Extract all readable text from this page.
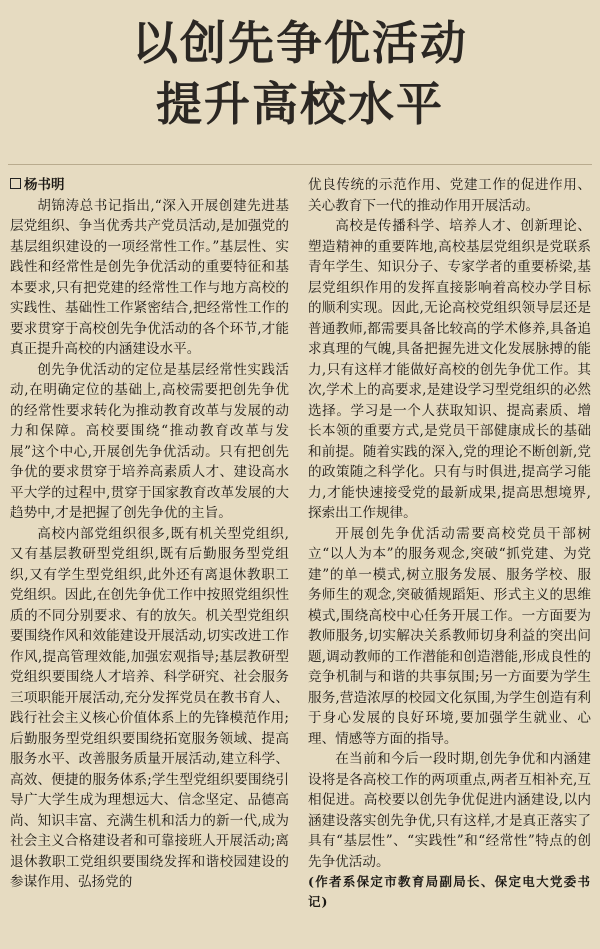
以创先争优活动
提升高校水平

杨书明

胡锦涛总书记指出,“深入开展创建先进基层党组织、争当优秀共产党员活动,是加强党的基层组织建设的一项经常性工作。”基层性、实践性和经常性是创先争优活动的重要特征和基本要求,只有把党建的经常性工作与地方高校的实践性、基础性工作紧密结合,把经常性工作的要求贯穿于高校创先争优活动的各个环节,才能真正提升高校的内涵建设水平。

创先争优活动的定位是基层经常性实践活动,在明确定位的基础上,高校需要把创先争优的经常性要求转化为推动教育改革与发展的动力和保障。高校要围绕“推动教育改革与发展”这个中心,开展创先争优活动。只有把创先争优的要求贯穿于培养高素质人才、建设高水平大学的过程中,贯穿于国家教育改革发展的大趋势中,才是把握了创先争优的主旨。

高校内部党组织很多,既有机关型党组织,又有基层教研型党组织,既有后勤服务型党组织,又有学生型党组织,此外还有离退休教职工党组织。因此,在创先争优工作中按照党组织性质的不同分别要求、有的放矢。机关型党组织要围绕作风和效能建设开展活动,切实改进工作作风,提高管理效能,加强宏观指导;基层教研型党组织要围绕人才培养、科学研究、社会服务三项职能开展活动,充分发挥党员在教书育人、践行社会主义核心价值体系上的先锋模范作用;后勤服务型党组织要围绕拓宽服务领域、提高服务水平、改善服务质量开展活动,建立科学、高效、便捷的服务体系;学生型党组织要围绕引导广大学生成为理想远大、信念坚定、品德高尚、知识丰富、充满生机和活力的新一代,成为社会主义合格建设者和可靠接班人开展活动;离退休教职工党组织要围绕发挥和谐校园建设的参谋作用、弘扬党的

优良传统的示范作用、党建工作的促进作用、关心教育下一代的推动作用开展活动。

高校是传播科学、培养人才、创新理论、塑造精神的重要阵地,高校基层党组织是党联系青年学生、知识分子、专家学者的重要桥梁,基层党组织作用的发挥直接影响着高校办学目标的顺利实现。因此,无论高校党组织领导层还是普通教师,都需要具备比较高的学术修养,具备追求真理的气魄,具备把握先进文化发展脉搏的能力,只有这样才能做好高校的创先争优工作。其次,学术上的高要求,是建设学习型党组织的必然选择。学习是一个人获取知识、提高素质、增长本领的重要方式,是党员干部健康成长的基础和前提。随着实践的深入,党的理论不断创新,党的政策随之科学化。只有与时俱进,提高学习能力,才能快速接受党的最新成果,提高思想境界,探索出工作规律。

开展创先争优活动需要高校党员干部树立“以人为本”的服务观念,突破“抓党建、为党建”的单一模式,树立服务发展、服务学校、服务师生的观念,突破循规蹈矩、形式主义的思维模式,围绕高校中心任务开展工作。一方面要为教师服务,切实解决关系教师切身利益的突出问题,调动教师的工作潜能和创造潜能,形成良性的竞争机制与和谐的共事氛围;另一方面要为学生服务,营造浓厚的校园文化氛围,为学生创造有利于身心发展的良好环境,要加强学生就业、心理、情感等方面的指导。

在当前和今后一段时期,创先争优和内涵建设将是各高校工作的两项重点,两者互相补充,互相促进。高校要以创先争优促进内涵建设,以内涵建设落实创先争优,只有这样,才是真正落实了具有“基层性”、“实践性”和“经常性”特点的创先争优活动。

(作者系保定市教育局副局长、保定电大党委书记)
